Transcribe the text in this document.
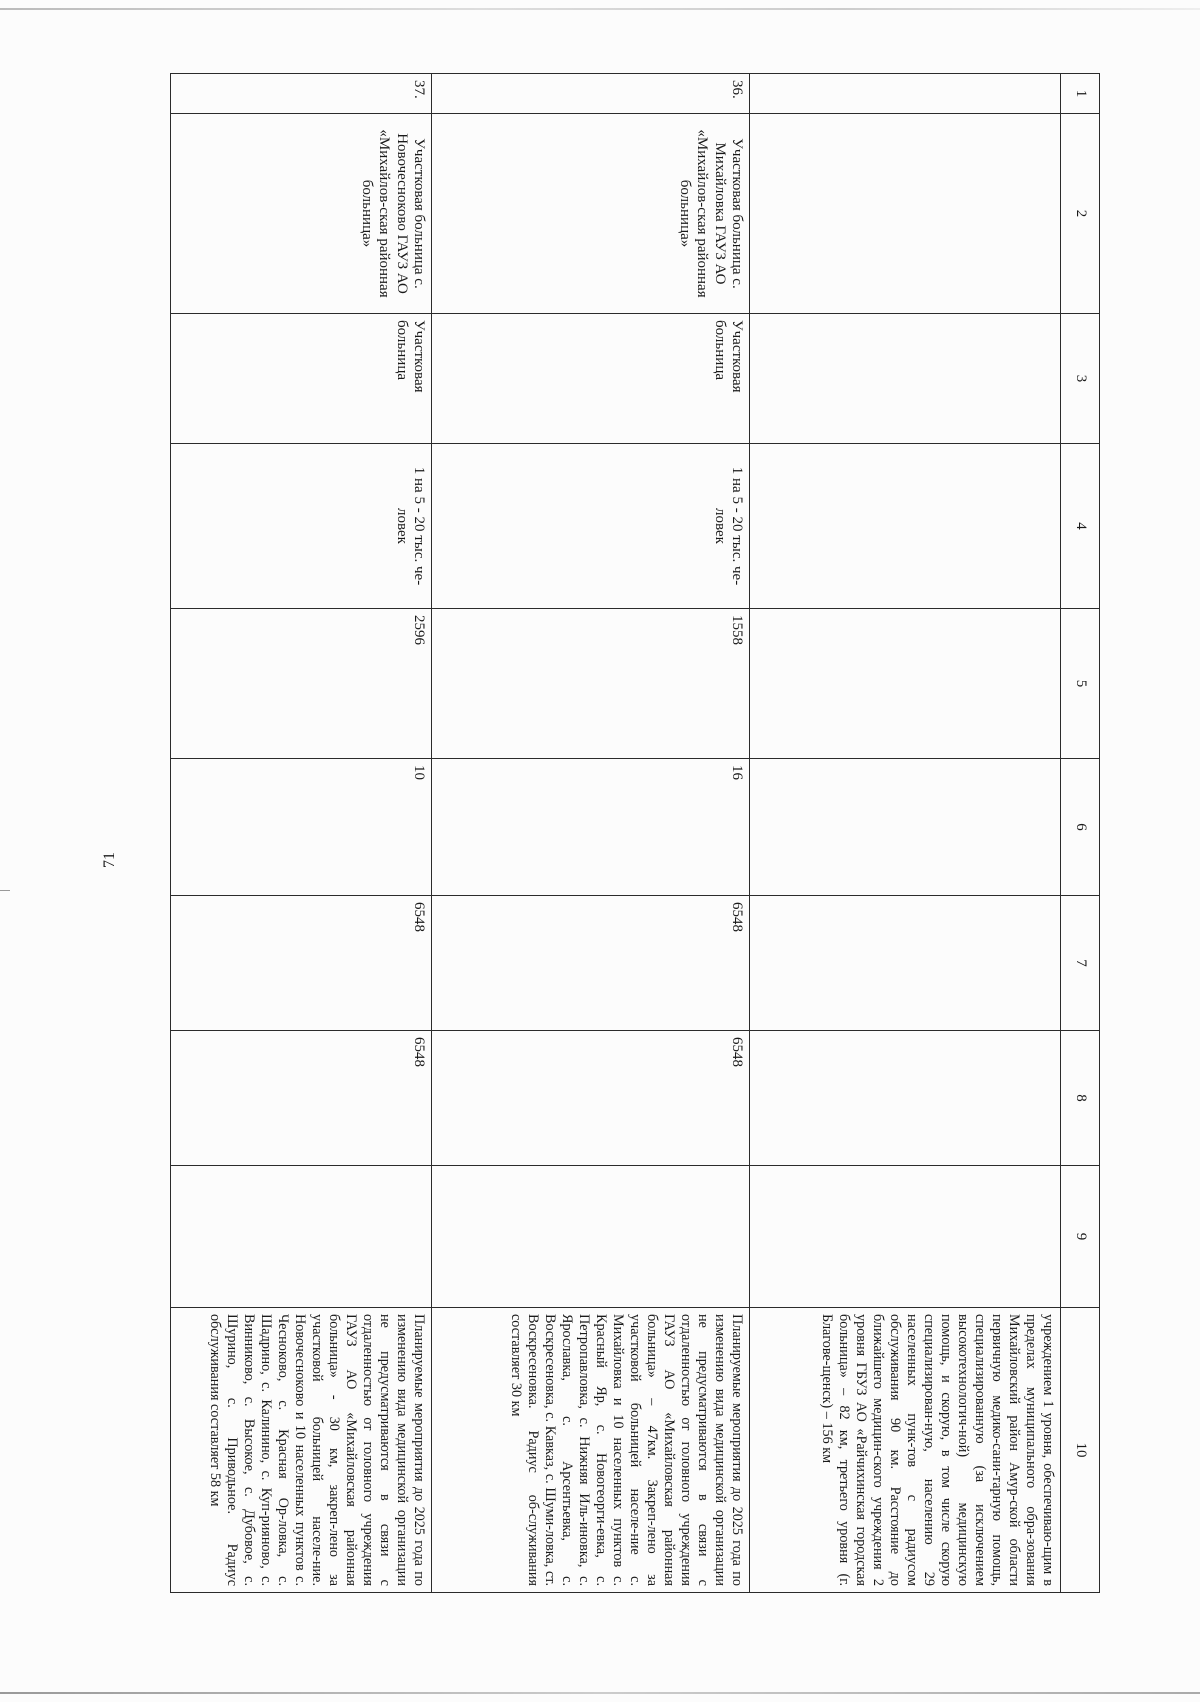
71
1
36.
37.
2
Участковая больница с. Михайловка ГАУЗ АО «Михайлов-ская районная больница»
Участковая больница с. Новочесноково ГАУЗ АО «Михайлов-ская районная больница»
3
Участковая больница
Участковая больница
4
1 на 5 - 20 тыс. че-ловек
1 на 5 - 20 тыс. че-ловек
5
1558
2596
6
16
10
7
6548
6548
8
6548
6548
9
10
учреждением 1 уровня, обеспечиваю-щим в пределах муниципального обра-зования Михайловский район Амур-ской области первичную медико-сани-тарную помощь, специализированную (за исключением высокотехнологич-ной) медицинскую помощь, и скорую, в том числе скорую специализирован-ную, населению 29 населенных пунк-тов с радиусом обслуживания 90 км. Расстояние до ближайшего медицин-ского учреждения 2 уровня ГБУЗ АО «Райчихинская городская больница» – 82 км, третьего уровня (г. Благове-щенск) – 156 км
Планируемые мероприятия до 2025 года по изменению вида медицинской организации не предусматриваются в связи с отдаленностью от головного учреждения ГАУЗ АО «Михайловская районная больница» – 47км. Закреп-лено за участковой больницей населе-ние с. Михайловка и 10 населенных пунктов с. Красный Яр, с. Новогеорги-евка, с. Петропавловка, с. Нижняя Иль-иновка, с. Ярославка, с. Арсентьевка, с. Воскресеновка, с. Кавказ, с. Шуми-ловка, ст. Воскресеновка. Радиус об-служивания составляет 30 км
Планируемые мероприятия до 2025 года по изменению вида медицинской организации не предусматриваются в связи с отдаленностью от головного учреждения ГАУЗ АО «Михайловская районная больница» - 30 км, закреп-лено за участковой больницей населе-ние. Новочесноково и 10 населенных пунктов с. Чесноково, с. Красная Ор-ловка, с. Шадрино, с. Калинино, с. Куп-рияново, с. Винниково, с. Высокое, с. Дубовое, с. Шурино, с. Приводьное. Радиус обслуживания составляет 58 км
